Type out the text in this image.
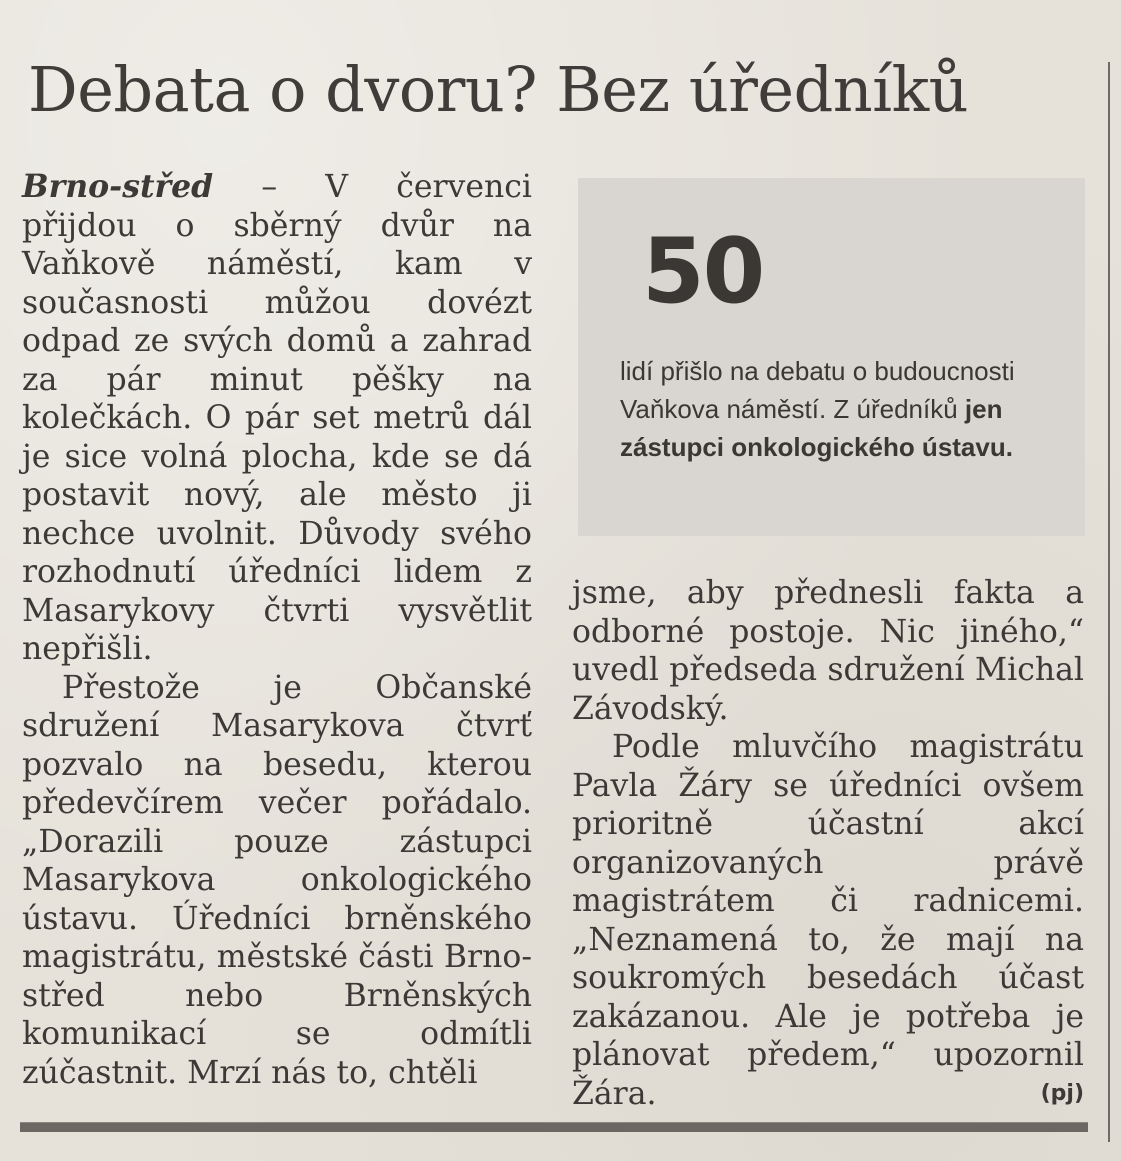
Debata o dvoru? Bez úředníků

Brno-střed – V červenci přijdou o sběrný dvůr na Vaňkově náměstí, kam v současnosti můžou dovézt odpad ze svých domů a zahrad za pár minut pěšky na kolečkách. O pár set metrů dál je sice volná plocha, kde se dá postavit nový, ale město ji nechce uvolnit. Důvody svého rozhodnutí úředníci lidem z Masarykovy čtvrti vysvětlit nepřišli.

Přestože je Občanské sdružení Masarykova čtvrť pozvalo na besedu, kterou předevčírem večer pořádalo. „Dorazili pouze zástupci Masarykova onkologického ústavu. Úředníci brněnského magistrátu, městské části Brno-střed nebo Brněnských komunikací se odmítli zúčastnit. Mrzí nás to, chtěli

50
lidí přišlo na debatu o budoucnosti Vaňkova náměstí. Z úředníků jen zástupci onkologického ústavu.

jsme, aby přednesli fakta a odborné postoje. Nic jiného,“ uvedl předseda sdružení Michal Závodský.

Podle mluvčího magistrátu Pavla Žáry se úředníci ovšem prioritně účastní akcí organizovaných právě magistrátem či radnicemi. „Neznamená to, že mají na soukromých besedách účast zakázanou. Ale je potřeba je plánovat předem,“ upozornil Žára.	(pj)
